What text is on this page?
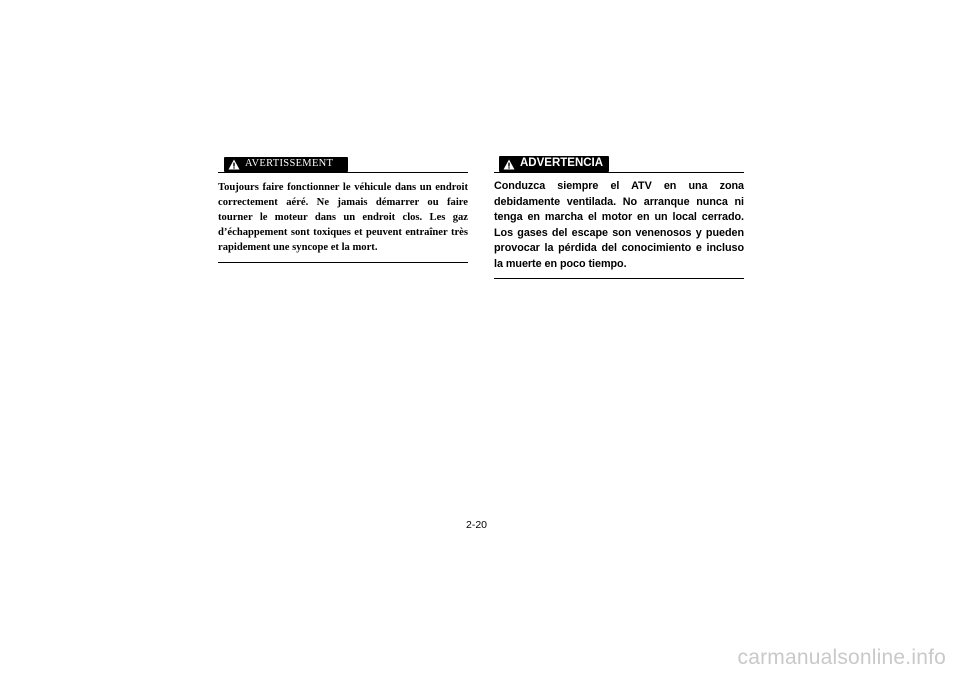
AVERTISSEMENT

Toujours faire fonctionner le véhicule dans un endroit correctement aéré. Ne jamais démarrer ou faire tourner le moteur dans un endroit clos. Les gaz d’échappement sont toxiques et peuvent entraîner très rapidement une syncope et la mort.

ADVERTENCIA

Conduzca siempre el ATV en una zona debidamente ventilada. No arranque nunca ni tenga en marcha el motor en un local cerrado. Los gases del escape son venenosos y pueden provocar la pérdida del conocimiento e incluso la muerte en poco tiempo.

2-20
carmanualsonline.info
